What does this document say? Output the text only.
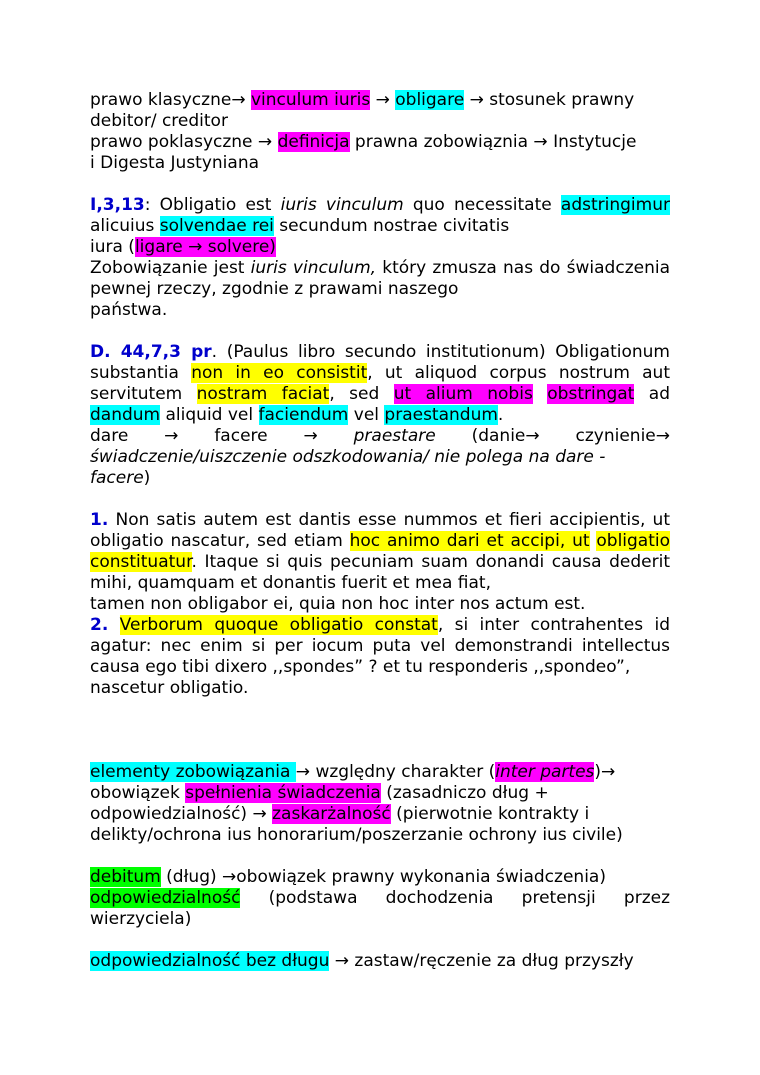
prawo klasyczne→ vinculum iuris → obligare → stosunek prawny
debitor/ creditor
prawo poklasyczne → definicja prawna zobowiąznia → Instytucje
i Digesta Justyniana

I,3,13: Obligatio est iuris vinculum quo necessitate adstringimur alicuius solvendae rei secundum nostrae civitatis
iura (ligare → solvere)
Zobowiązanie jest iuris vinculum, który zmusza nas do świadczenia pewnej rzeczy, zgodnie z prawami naszego
państwa.

D. 44,7,3 pr. (Paulus libro secundo institutionum) Obligationum substantia non in eo consistit, ut aliquod corpus nostrum aut servitutem nostram faciat, sed ut alium nobis obstringat ad dandum aliquid vel faciendum vel praestandum.

dare → facere → praestare (danie→ czynienie→

świadczenie/uiszczenie odszkodowania/ nie polega na dare -
facere)

1. Non satis autem est dantis esse nummos et fieri accipientis, ut obligatio nascatur, sed etiam hoc animo dari et accipi, ut obligatio constituatur. Itaque si quis pecuniam suam donandi causa dederit mihi, quamquam et donantis fuerit et mea fiat,
tamen non obligabor ei, quia non hoc inter nos actum est.

2. Verborum quoque obligatio constat, si inter contrahentes id agatur: nec enim si per iocum puta vel demonstrandi intellectus causa ego tibi dixero ,,spondes” ? et tu responderis ,,spondeo”,
nascetur obligatio.

elementy zobowiązania → względny charakter (inter partes)→
obowiązek spełnienia świadczenia (zasadniczo dług +
odpowiedzialność) → zaskarżalność (pierwotnie kontrakty i
delikty/ochrona ius honorarium/poszerzanie ochrony ius civile)

debitum (dług) →obowiązek prawny wykonania świadczenia)

odpowiedzialność (podstawa dochodzenia pretensji przez

wierzyciela)

odpowiedzialność bez długu → zastaw/ręczenie za dług przyszły
